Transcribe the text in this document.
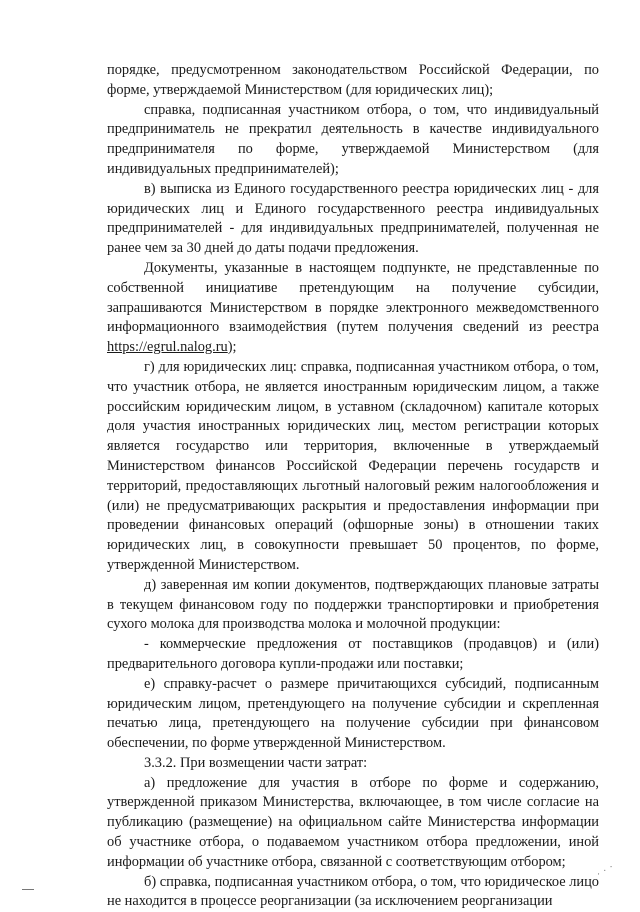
порядке, предусмотренном законодательством Российской Федерации, по форме, утверждаемой Министерством (для юридических лиц);

справка, подписанная участником отбора, о том, что индивидуальный предприниматель не прекратил деятельность в качестве индивидуального предпринимателя по форме, утверждаемой Министерством (для индивидуальных предпринимателей);

в) выписка из Единого государственного реестра юридических лиц - для юридических лиц и Единого государственного реестра индивидуальных предпринимателей - для индивидуальных предпринимателей, полученная не ранее чем за 30 дней до даты подачи предложения.

Документы, указанные в настоящем подпункте, не представленные по собственной инициативе претендующим на получение субсидии, запрашиваются Министерством в порядке электронного межведомственного информационного взаимодействия (путем получения сведений из реестра https://egrul.nalog.ru);

г) для юридических лиц: справка, подписанная участником отбора, о том, что участник отбора, не является иностранным юридическим лицом, а также российским юридическим лицом, в уставном (складочном) капитале которых доля участия иностранных юридических лиц, местом регистрации которых является государство или территория, включенные в утверждаемый Министерством финансов Российской Федерации перечень государств и территорий, предоставляющих льготный налоговый режим налогообложения и (или) не предусматривающих раскрытия и предоставления информации при проведении финансовых операций (офшорные зоны) в отношении таких юридических лиц, в совокупности превышает 50 процентов, по форме, утвержденной Министерством.

д) заверенная им копии документов, подтверждающих плановые затраты в текущем финансовом году по поддержки транспортировки и приобретения сухого молока для производства молока и молочной продукции:

- коммерческие предложения от поставщиков (продавцов) и (или) предварительного договора купли-продажи или поставки;

е) справку-расчет о размере причитающихся субсидий, подписанным юридическим лицом, претендующего на получение субсидии и скрепленная печатью лица, претендующего на получение субсидии при финансовом обеспечении, по форме утвержденной Министерством.

3.3.2. При возмещении части затрат:

а) предложение для участия в отборе по форме и содержанию, утвержденной приказом Министерства, включающее, в том числе согласие на публикацию (размещение) на официальном сайте Министерства информации об участнике отбора, о подаваемом участником отбора предложении, иной информации об участнике отбора, связанной с соответствующим отбором;

б) справка, подписанная участником отбора, о том, что юридическое лицо не находится в процессе реорганизации (за исключением реорганизации

· · ·
